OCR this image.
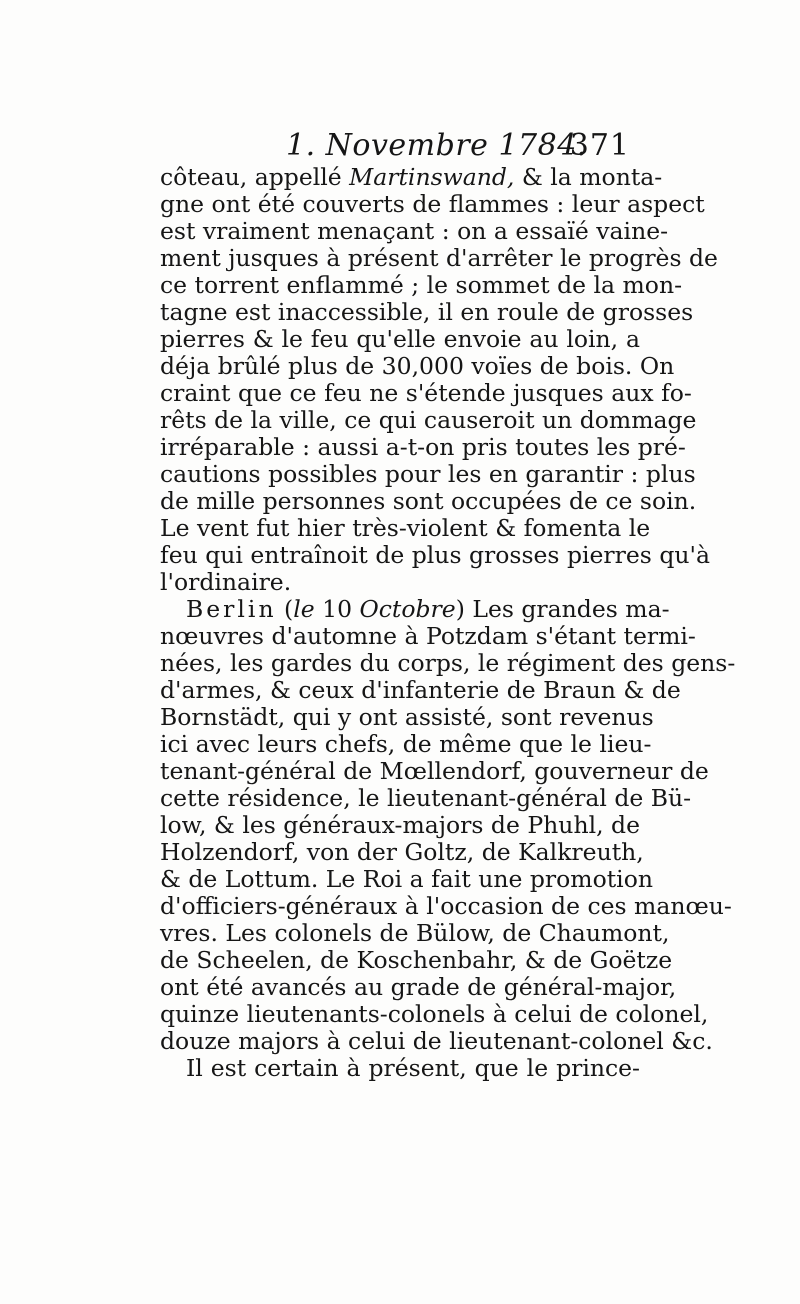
1. Novembre 1784.
371
côteau, appellé Martinswand, & la monta-
gne ont été couverts de flammes : leur aspect
est vraiment menaçant : on a essaïé vaine-
ment jusques à présent d'arrêter le progrès de
ce torrent enflammé ; le sommet de la mon-
tagne est inaccessible, il en roule de grosses
pierres & le feu qu'elle envoie au loin, a
déja brûlé plus de 30,000 voïes de bois. On
craint que ce feu ne s'étende jusques aux fo-
rêts de la ville, ce qui causeroit un dommage
irréparable : aussi a-t-on pris toutes les pré-
cautions possibles pour les en garantir : plus
de mille personnes sont occupées de ce soin.
Le vent fut hier très-violent & fomenta le
feu qui entraînoit de plus grosses pierres qu'à
l'ordinaire.
Berlin (le 10 Octobre) Les grandes ma-
nœuvres d'automne à Potzdam s'étant termi-
nées, les gardes du corps, le régiment des gens-
d'armes, & ceux d'infanterie de Braun & de
Bornstädt, qui y ont assisté, sont revenus
ici avec leurs chefs, de même que le lieu-
tenant-général de Mœllendorf, gouverneur de
cette résidence, le lieutenant-général de Bü-
low, & les généraux-majors de Phuhl, de
Holzendorf, von der Goltz, de Kalkreuth,
& de Lottum. Le Roi a fait une promotion
d'officiers-généraux à l'occasion de ces manœu-
vres. Les colonels de Bülow, de Chaumont,
de Scheelen, de Koschenbahr, & de Goëtze
ont été avancés au grade de général-major,
quinze lieutenants-colonels à celui de colonel,
douze majors à celui de lieutenant-colonel &c.
Il est certain à présent, que le prince-
